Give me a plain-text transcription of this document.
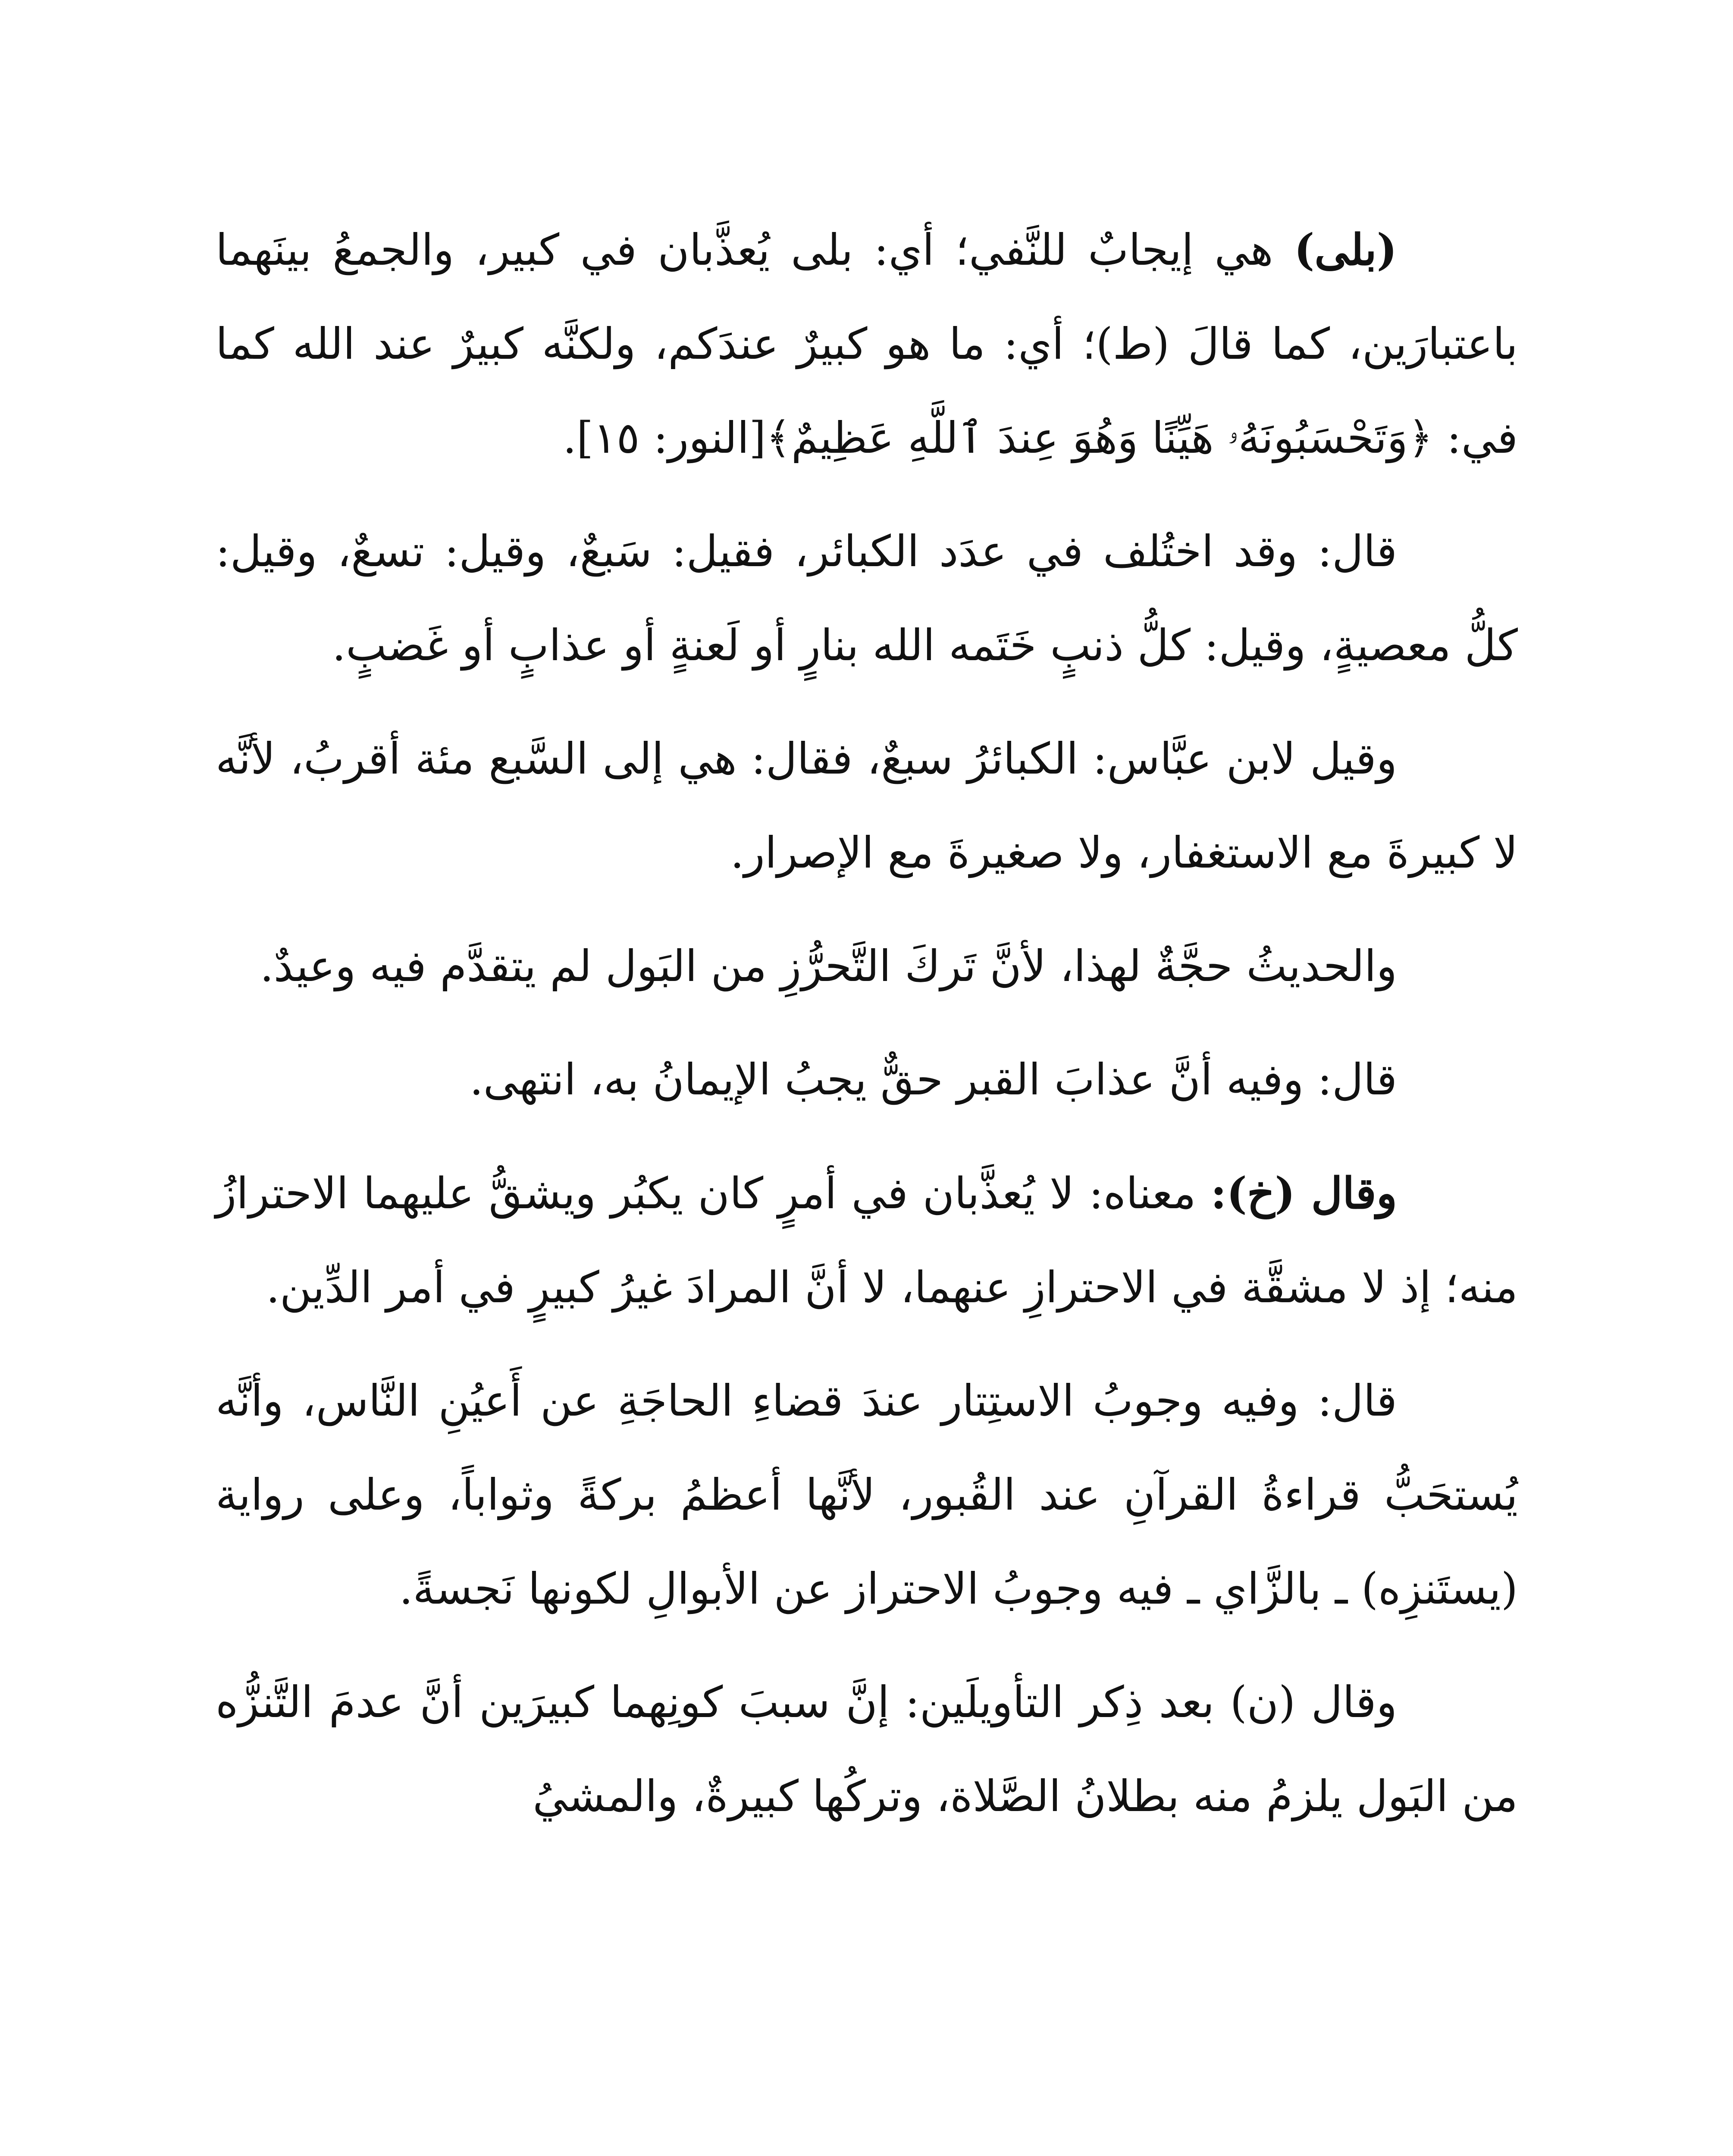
(بلى) هي إيجابٌ للنَّفي؛ أي: بلى يُعذَّبان في كبير، والجمعُ بينَهما باعتبارَين، كما قالَ (ط)؛ أي: ما هو كبيرٌ عندَكم، ولكنَّه كبيرٌ عند الله كما في: ﴿وَتَحْسَبُونَهُۥ هَيِّنًا وَهُوَ عِندَ ٱللَّهِ عَظِيمٌ﴾[النور: ١٥].

قال: وقد اختُلف في عدَد الكبائر، فقيل: سَبعٌ، وقيل: تسعٌ، وقيل: كلُّ معصيةٍ، وقيل: كلُّ ذنبٍ خَتَمه الله بنارٍ أو لَعنةٍ أو عذابٍ أو غَضبٍ.

وقيل لابن عبَّاس: الكبائرُ سبعٌ، فقال: هي إلى السَّبع مئة أقربُ، لأنَّه لا كبيرةَ مع الاستغفار، ولا صغيرةَ مع الإصرار.

والحديثُ حجَّةٌ لهذا، لأنَّ تَركَ التَّحرُّزِ من البَول لم يتقدَّم فيه وعيدٌ.

قال: وفيه أنَّ عذابَ القبر حقٌّ يجبُ الإيمانُ به، انتهى.

وقال (خ): معناه: لا يُعذَّبان في أمرٍ كان يكبُر ويشقُّ عليهما الاحترازُ منه؛ إذ لا مشقَّة في الاحترازِ عنهما، لا أنَّ المرادَ غيرُ كبيرٍ في أمر الدِّين.

قال: وفيه وجوبُ الاستِتار عندَ قضاءِ الحاجَةِ عن أَعيُنِ النَّاس، وأنَّه يُستحَبُّ قراءةُ القرآنِ عند القُبور، لأنَّها أعظمُ بركةً وثواباً، وعلى رواية (يستَنزِه) ـ بالزَّاي ـ فيه وجوبُ الاحتراز عن الأبوالِ لكونها نَجسةً.

وقال (ن) بعد ذِكر التأويلَين: إنَّ سببَ كونِهما كبيرَين أنَّ عدمَ التَّنزُّه من البَول يلزمُ منه بطلانُ الصَّلاة، وتركُها كبيرةٌ، والمشيُ
